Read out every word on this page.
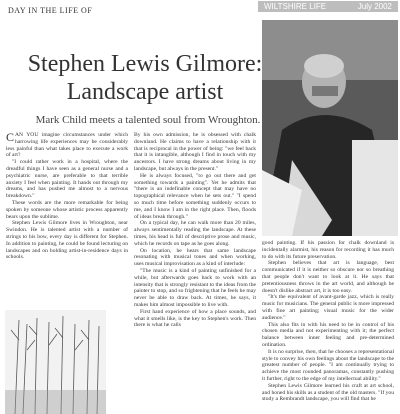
DAY IN THE LIFE OF	WILTSHIRE LIFE	July 2002
Stephen Lewis Gilmore: Landscape artist
Mark Child meets a talented soul from Wroughton.

CAN YOU imagine circumstances under which harrowing life experiences may be considerably less painful than what takes place to execute a work of art?

"I could rather work in a hospital, where the dreadful things I have seen as a general nurse and a psychiatric nurse, are preferable to that terrible anxiety I feel when painting. It hands out through my dreams, and has pushed me almost to a nervous breakdown."

These words are the more remarkable for being spoken by someone whose artistic process apparently bears upon the sublime.

Stephen Lewis Gilmore lives in Wroughton, near Swindon. He is talented artist with a number of strings to his bow, every day is different for Stephen. In addition to painting, he could be found lecturing on landscapes and on holding artist-in-residence days in schools.

By his own admission, he is obsessed with chalk downland. He claims to have a relationship with it that is reciprocal in the power of being: "we feel back that it is intangible, although I find in touch with my ancestors. I have strong dreams about living in my landscape, but always in the present."

He is always focused, "to go out there and get something towards a painting". Yet he admits that "there is an indefinable concept that may have no topographical relevance when he sets out." "I spend so much time before something suddenly occurs to me, and I know I am in the right place. Then, floods of ideas break through."

On a typical day, he can walk more than 20 miles, always sentimentally reading the landscape. At these times, his head is full of descriptive prose and music, which he records on tape as he goes along.

On location, he hears that same landscape resonating with musical tones and when working, uses musical improvisation as a kind of interlude:

"The music is a kind of painting unfinished for a while, but afterwards goes back to work with an intensity that is strongly resistant to the ideas from the painter to stop, and so frightening that he feels he may never be able to draw back. At times, he says, it makes him almost impossible to live with.

First hand experience of how a place sounds, and what it smells like, is the key to Stephen's work. Then there is what he calls

good painting. If his passion for chalk downland is incidentally alarmist, his reason for recording it has much to do with its future preservation.

Stephen believes that art is language, best communicated if it is neither so obscure nor so breathing that people don't want to look at it. He says that pretentiousness throws in the art world, and although he doesn't dislike abstract art, it is too easy.

"It's the equivalent of avant-garde jazz, which is really music for musicians. The general public is more impressed with fine art painting; visual music for the wider audience."

This also fits in with his need to be in control of his chosen media and not experimenting with it; the perfect balance between inner feeling and pre-determined ordination.

It is no surprise, then, that he chooses a representational style to convey his own feelings about the landscape to the greatest number of people. "I am continually trying to achieve the most rounded panoramas, constantly pushing it further, right to the edge of my intellectual ability."

Stephen Lewis Gilmore learned his craft at art school, and honed his skills as a student of the old masters. "If you study a Rembrandt landscape, you will find that he
